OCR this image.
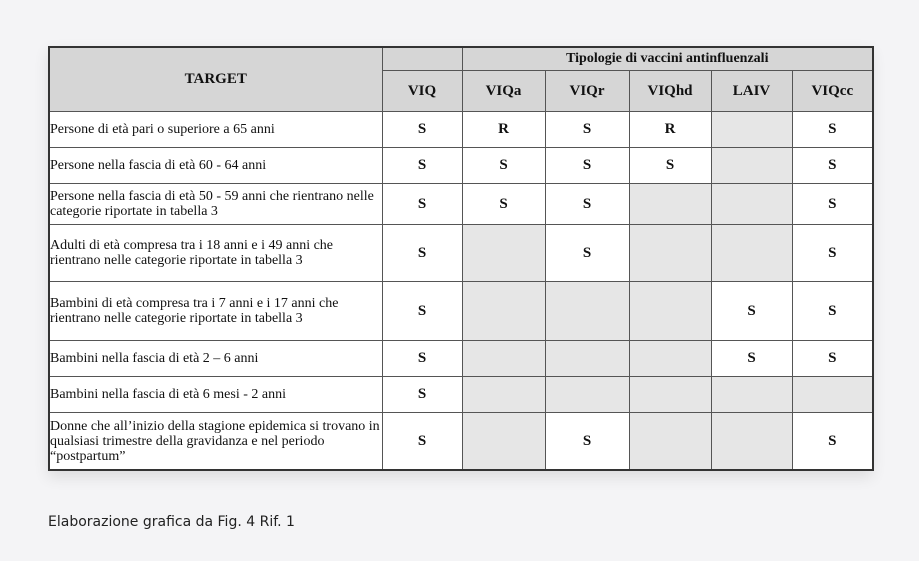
TARGET		Tipologie di vaccini antinfluenzali				
	VIQ	VIQa	VIQr	VIQhd	LAIV	VIQcc
Persone di età pari o superiore a 65 anni	S	R	S	R		S
Persone nella fascia di età 60 - 64 anni	S	S	S	S		S
Persone nella fascia di età 50 - 59 anni che rientrano nelle categorie riportate in tabella 3	S	S	S			S
Adulti di età compresa tra i 18 anni e i 49 anni che rientrano nelle categorie riportate in tabella 3	S		S			S
Bambini di età compresa tra i 7 anni e i 17 anni che rientrano nelle categorie riportate in tabella 3	S				S	S
Bambini nella fascia di età 2 – 6 anni	S				S	S
Bambini nella fascia di età 6 mesi - 2 anni	S					
Donne che all’inizio della stagione epidemica si trovano in qualsiasi trimestre della gravidanza e nel periodo “postpartum”	S		S			S
Elaborazione grafica da Fig. 4 Rif. 1
